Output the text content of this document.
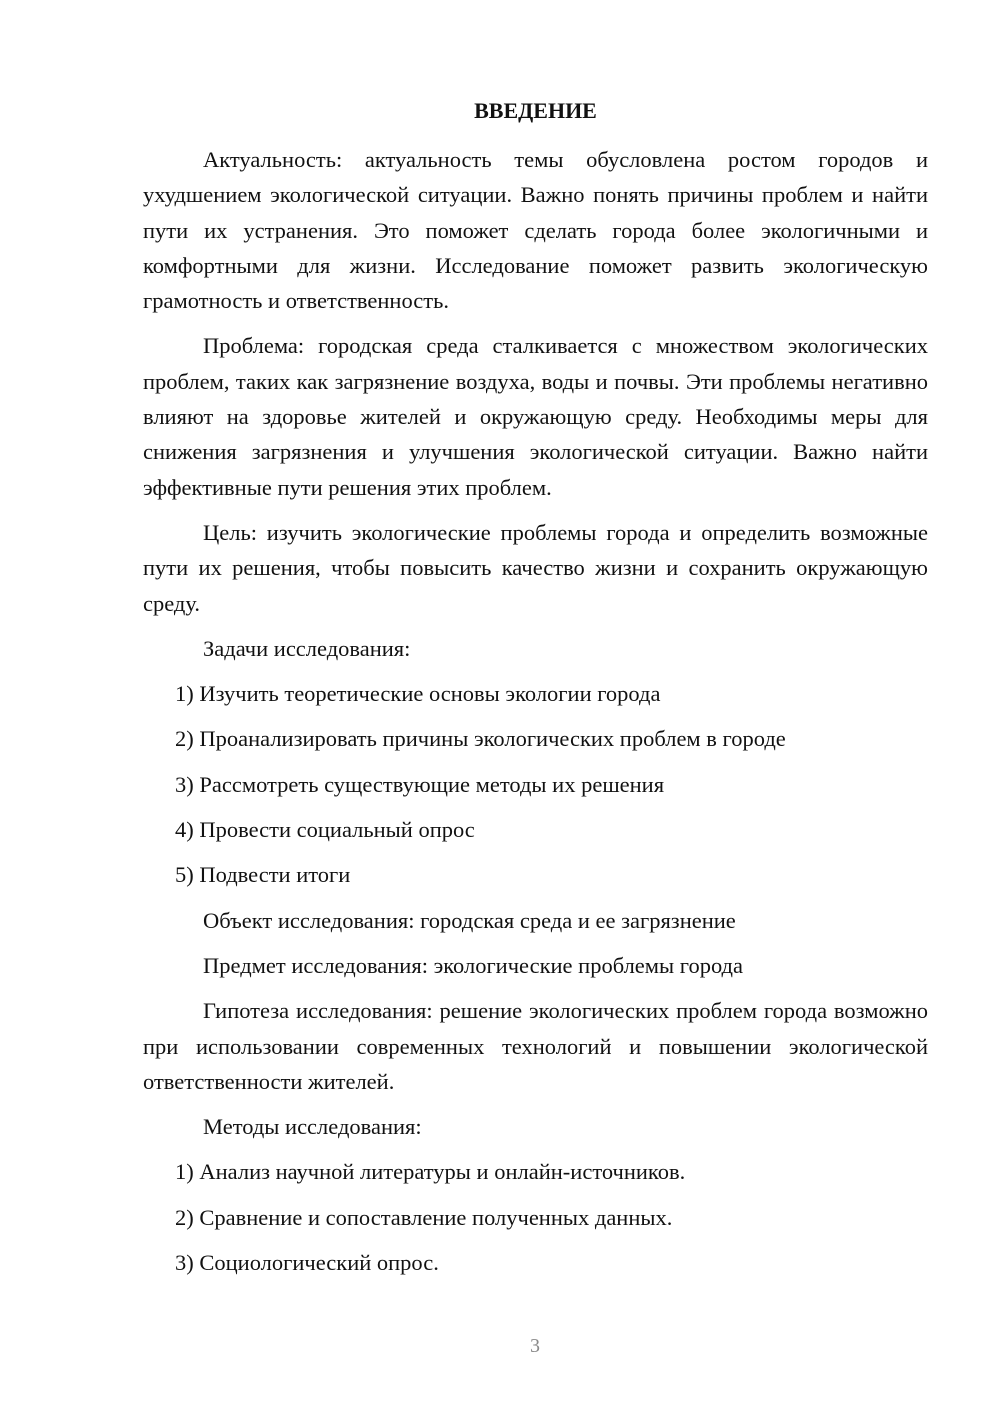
ВВЕДЕНИЕ

Актуальность: актуальность темы обусловлена ростом городов и ухудшением экологической ситуации. Важно понять причины проблем и найти пути их устранения. Это поможет сделать города более экологичными и комфортными для жизни. Исследование поможет развить экологическую грамотность и ответственность.

Проблема: городская среда сталкивается с множеством экологических проблем, таких как загрязнение воздуха, воды и почвы. Эти проблемы негативно влияют на здоровье жителей и окружающую среду. Необходимы меры для снижения загрязнения и улучшения экологической ситуации. Важно найти эффективные пути решения этих проблем.

Цель: изучить экологические проблемы города и определить возможные пути их решения, чтобы повысить качество жизни и сохранить окружающую среду.

Задачи исследования:

1) Изучить теоретические основы экологии города

2) Проанализировать причины экологических проблем в городе

3) Рассмотреть существующие методы их решения

4) Провести социальный опрос

5) Подвести итоги

Объект исследования: городская среда и ее загрязнение

Предмет исследования: экологические проблемы города

Гипотеза исследования: решение экологических проблем города возможно при использовании современных технологий и повышении экологической ответственности жителей.

Методы исследования:

1) Анализ научной литературы и онлайн-источников.

2) Сравнение и сопоставление полученных данных.

3) Социологический опрос.

3
